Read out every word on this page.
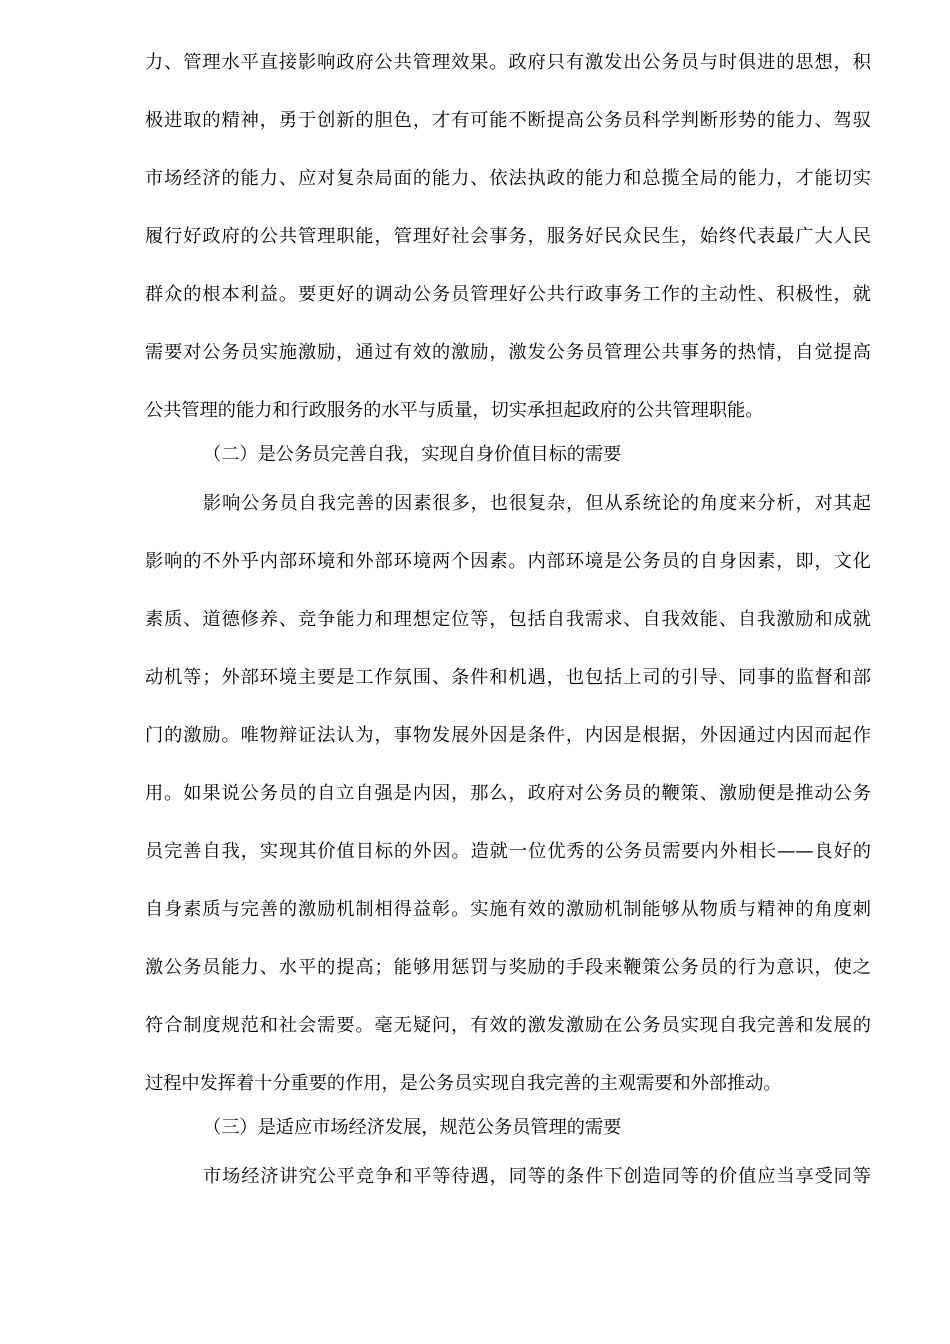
力、管理水平直接影响政府公共管理效果。政府只有激发出公务员与时俱进的思想，积
极进取的精神，勇于创新的胆色，才有可能不断提高公务员科学判断形势的能力、驾驭
市场经济的能力、应对复杂局面的能力、依法执政的能力和总揽全局的能力，才能切实
履行好政府的公共管理职能，管理好社会事务，服务好民众民生，始终代表最广大人民
群众的根本利益。要更好的调动公务员管理好公共行政事务工作的主动性、积极性，就
需要对公务员实施激励，通过有效的激励，激发公务员管理公共事务的热情，自觉提高
公共管理的能力和行政服务的水平与质量，切实承担起政府的公共管理职能。
（二）是公务员完善自我，实现自身价值目标的需要
影响公务员自我完善的因素很多，也很复杂，但从系统论的角度来分析，对其起
影响的不外乎内部环境和外部环境两个因素。内部环境是公务员的自身因素，即，文化
素质、道德修养、竞争能力和理想定位等，包括自我需求、自我效能、自我激励和成就
动机等；外部环境主要是工作氛围、条件和机遇，也包括上司的引导、同事的监督和部
门的激励。唯物辩证法认为，事物发展外因是条件，内因是根据，外因通过内因而起作
用。如果说公务员的自立自强是内因，那么，政府对公务员的鞭策、激励便是推动公务
员完善自我，实现其价值目标的外因。造就一位优秀的公务员需要内外相长——良好的
自身素质与完善的激励机制相得益彰。实施有效的激励机制能够从物质与精神的角度刺
激公务员能力、水平的提高；能够用惩罚与奖励的手段来鞭策公务员的行为意识，使之
符合制度规范和社会需要。毫无疑问，有效的激发激励在公务员实现自我完善和发展的
过程中发挥着十分重要的作用，是公务员实现自我完善的主观需要和外部推动。
（三）是适应市场经济发展，规范公务员管理的需要
市场经济讲究公平竞争和平等待遇，同等的条件下创造同等的价值应当享受同等
